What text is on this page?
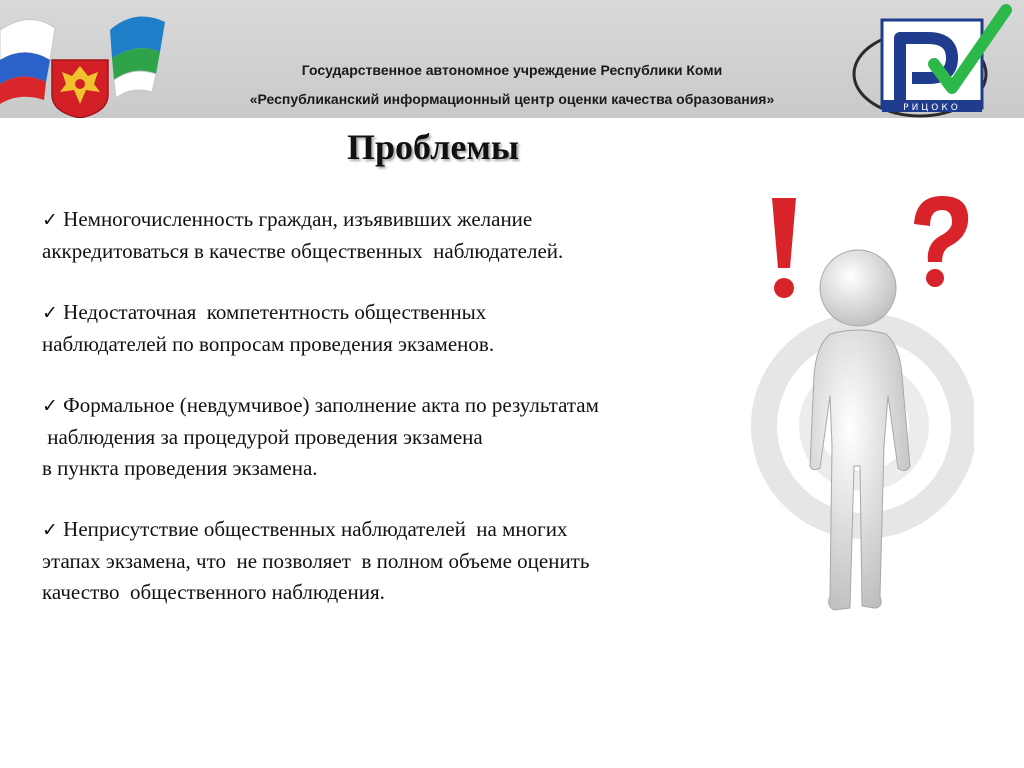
Государственное автономное учреждение Республики Коми
«Республиканский информационный центр оценки качества образования»
РИЦОКО
Проблемы

✓ Немногочисленность граждан, изъявивших желание
аккредитоваться в качестве общественных  наблюдателей.

✓ Недостаточная  компетентность общественных
наблюдателей по вопросам проведения экзаменов.

✓ Формальное (невдумчивое) заполнение акта по результатам
наблюдения за процедурой проведения экзамена
в пункта проведения экзамена.

✓ Неприсутствие общественных наблюдателей  на многих
этапах экзамена, что  не позволяет  в полном объеме оценить
качество  общественного наблюдения.
